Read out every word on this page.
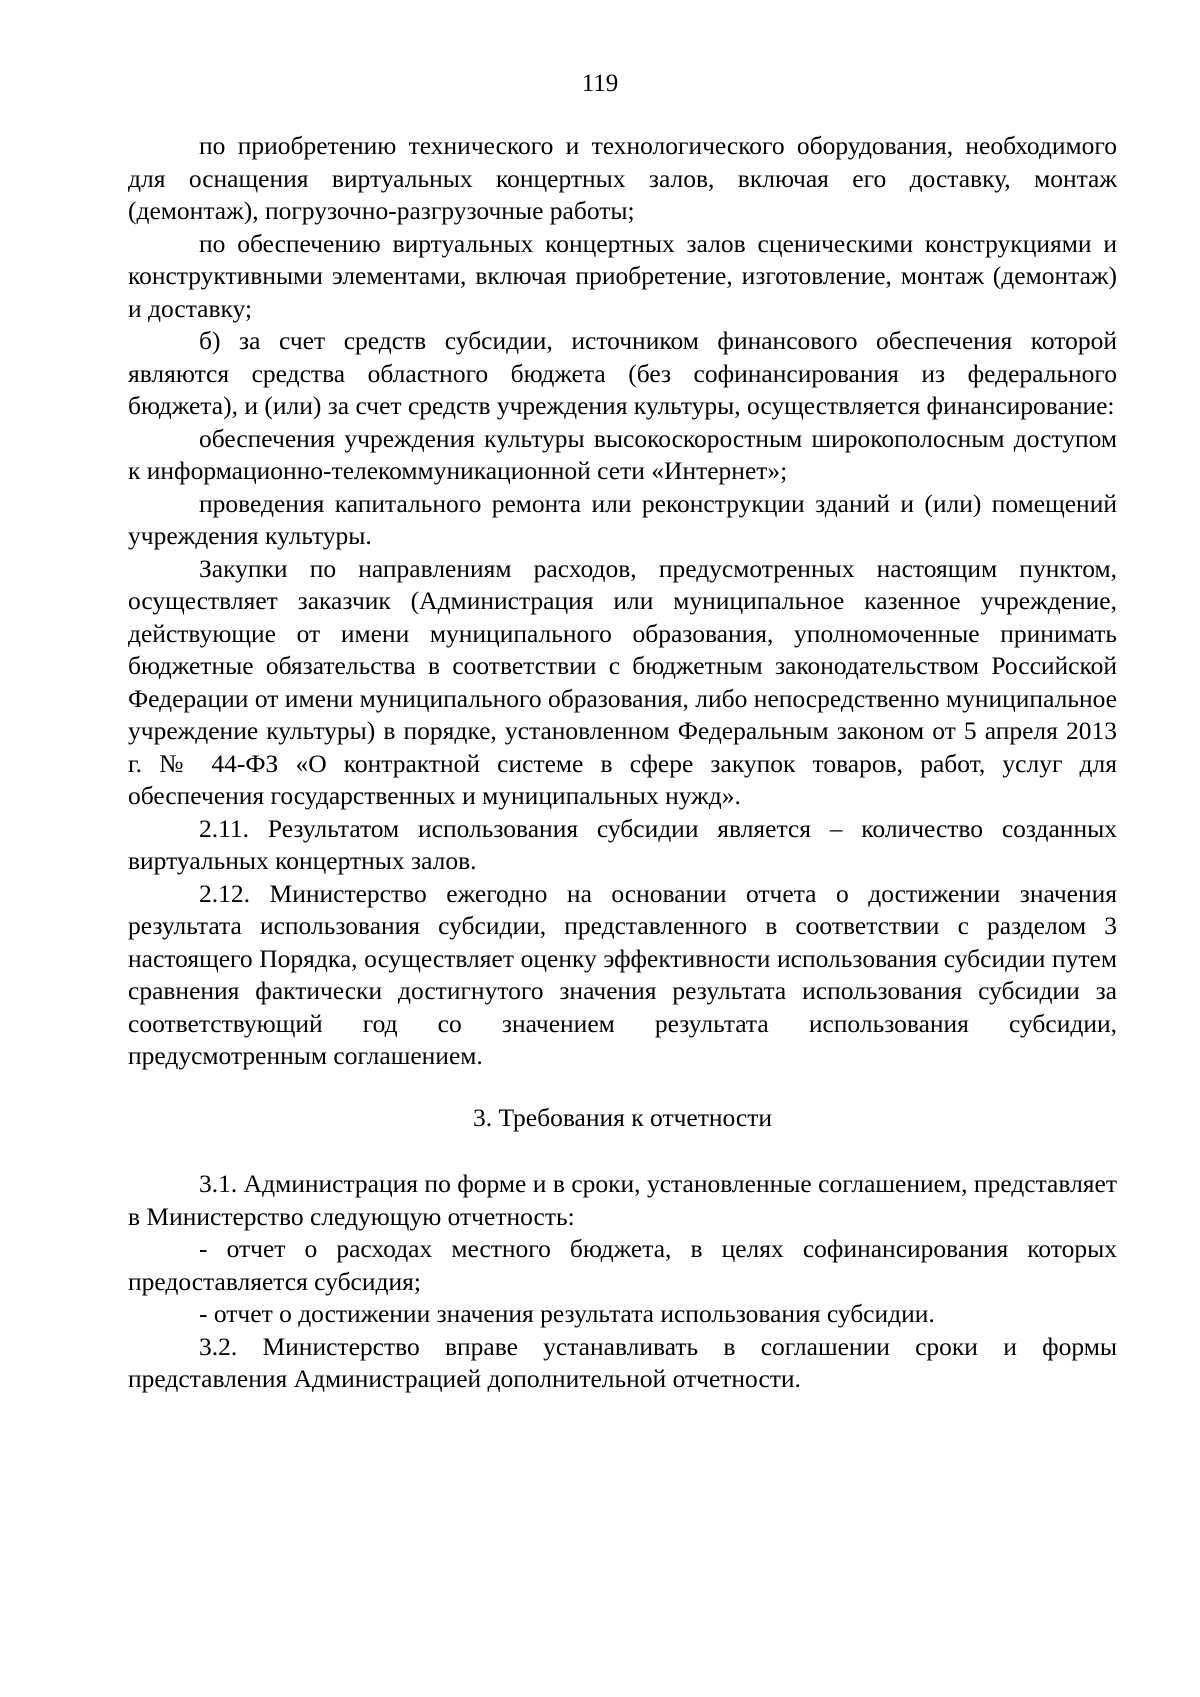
119

по приобретению технического и технологического оборудования, необходимого для оснащения виртуальных концертных залов, включая его доставку, монтаж (демонтаж), погрузочно-разгрузочные работы;

по обеспечению виртуальных концертных залов сценическими конструкциями и конструктивными элементами, включая приобретение, изготовление, монтаж (демонтаж) и доставку;

б) за счет средств субсидии, источником финансового обеспечения которой являются средства областного бюджета (без софинансирования из федерального бюджета), и (или) за счет средств учреждения культуры, осуществляется финансирование:

обеспечения учреждения культуры высокоскоростным широкополосным доступом к информационно-телекоммуникационной сети «Интернет»;

проведения капитального ремонта или реконструкции зданий и (или) помещений учреждения культуры.

Закупки по направлениям расходов, предусмотренных настоящим пунктом, осуществляет заказчик (Администрация или муниципальное казенное учреждение, действующие от имени муниципального образования, уполномоченные принимать бюджетные обязательства в соответствии с бюджетным законодательством Российской Федерации от имени муниципального образования, либо непосредственно муниципальное учреждение культуры) в порядке, установленном Федеральным законом от 5 апреля 2013 г. № 44-ФЗ «О контрактной системе в сфере закупок товаров, работ, услуг для обеспечения государственных и муниципальных нужд».

2.11. Результатом использования субсидии является – количество созданных виртуальных концертных залов.

2.12. Министерство ежегодно на основании отчета о достижении значения результата использования субсидии, представленного в соответствии с разделом 3 настоящего Порядка, осуществляет оценку эффективности использования субсидии путем сравнения фактически достигнутого значения результата использования субсидии за соответствующий год со значением результата использования субсидии, предусмотренным соглашением.

3. Требования к отчетности

3.1. Администрация по форме и в сроки, установленные соглашением, представляет в Министерство следующую отчетность:

- отчет о расходах местного бюджета, в целях софинансирования которых предоставляется субсидия;

- отчет о достижении значения результата использования субсидии.

3.2. Министерство вправе устанавливать в соглашении сроки и формы представления Администрацией дополнительной отчетности.
